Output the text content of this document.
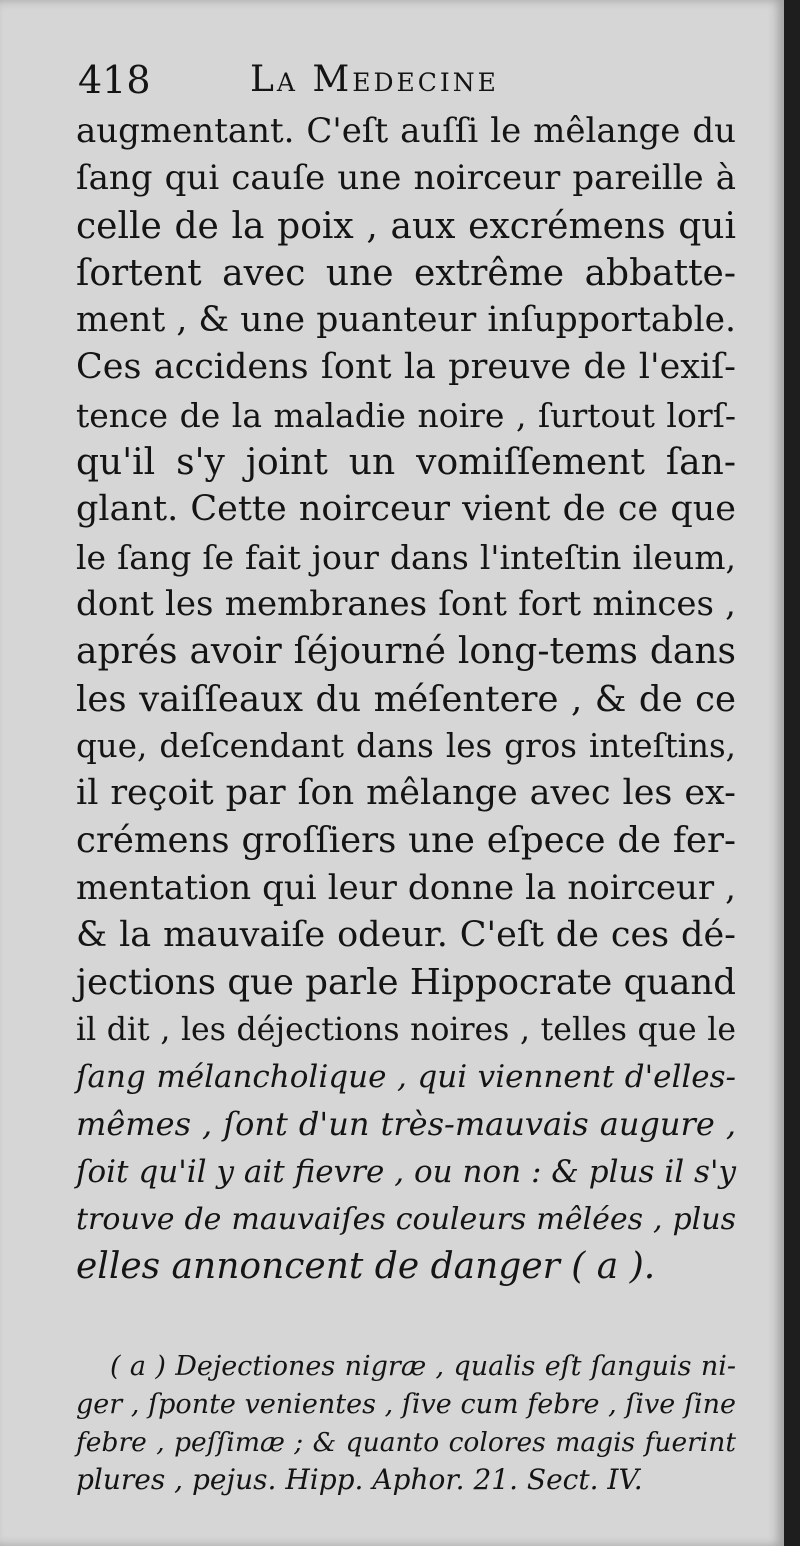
418	La Medecine
augmentant. C'eſt auſſi le mêlange du
ſang qui cauſe une noirceur pareille à
celle de la poix , aux excrémens qui
ſortent avec une extrême abbatte-
ment , & une puanteur inſupportable.
Ces accidens ſont la preuve de l'exiſ-
tence de la maladie noire , ſurtout lorſ-
qu'il s'y joint un vomiſſement ſan-
glant. Cette noirceur vient de ce que
le ſang ſe fait jour dans l'inteſtin ileum,
dont les membranes ſont fort minces ,
aprés avoir ſéjourné long-tems dans
les vaiſſeaux du méſentere , & de ce
que, deſcendant dans les gros inteſtins,
il reçoit par ſon mêlange avec les ex-
crémens groſſiers une eſpece de fer-
mentation qui leur donne la noirceur ,
& la mauvaiſe odeur. C'eſt de ces dé-
jections que parle Hippocrate quand
il dit , les déjections noires , telles que le
ſang mélancholique , qui viennent d'elles-
mêmes , ſont d'un très-mauvais augure ,
ſoit qu'il y ait fievre , ou non : & plus il s'y
trouve de mauvaiſes couleurs mêlées , plus
elles annoncent de danger ( a ).
( a ) Dejectiones nigræ , qualis eſt ſanguis ni-
ger , ſponte venientes , ſive cum febre , ſive ſine
febre , peſſimæ ; & quanto colores magis fuerint
plures , pejus. Hipp. Aphor. 21. Sect. IV.
